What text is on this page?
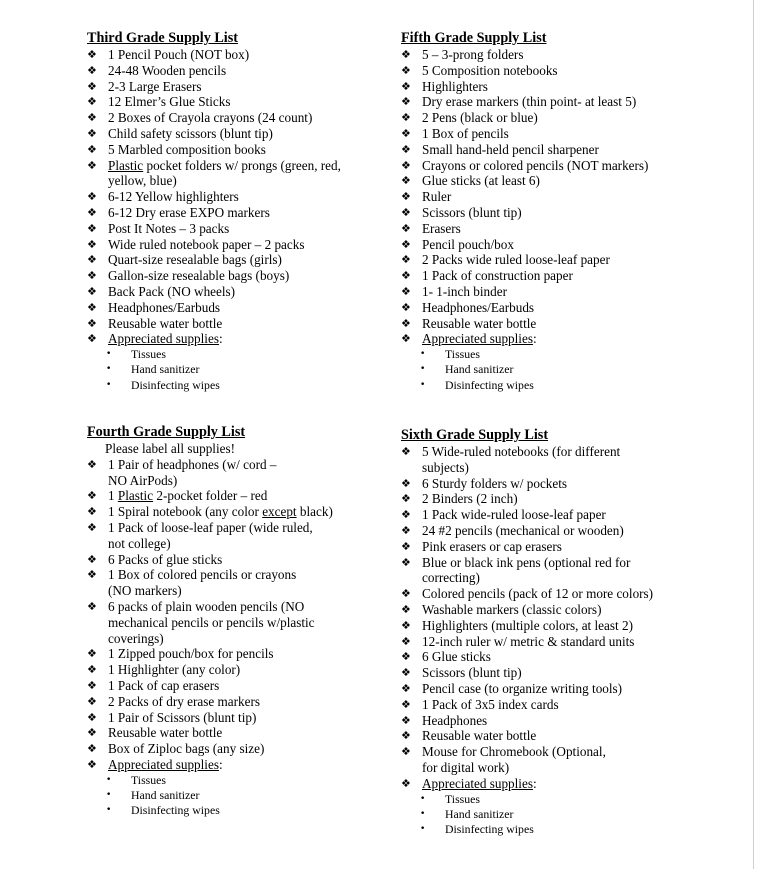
Third Grade Supply List
❖ 1 Pencil Pouch (NOT box)
❖ 24-48 Wooden pencils
❖ 2-3 Large Erasers
❖ 12 Elmer’s Glue Sticks
❖ 2 Boxes of Crayola crayons (24 count)
❖ Child safety scissors (blunt tip)
❖ 5 Marbled composition books
❖ Plastic pocket folders w/ prongs (green, red,
yellow, blue)
❖ 6-12 Yellow highlighters
❖ 6-12 Dry erase EXPO markers
❖ Post It Notes – 3 packs
❖ Wide ruled notebook paper – 2 packs
❖ Quart-size resealable bags (girls)
❖ Gallon-size resealable bags (boys)
❖ Back Pack (NO wheels)
❖ Headphones/Earbuds
❖ Reusable water bottle
❖ Appreciated supplies:
• Tissues
• Hand sanitizer
• Disinfecting wipes
Fifth Grade Supply List
❖ 5 – 3-prong folders
❖ 5 Composition notebooks
❖ Highlighters
❖ Dry erase markers (thin point- at least 5)
❖ 2 Pens (black or blue)
❖ 1 Box of pencils
❖ Small hand-held pencil sharpener
❖ Crayons or colored pencils (NOT markers)
❖ Glue sticks (at least 6)
❖ Ruler
❖ Scissors (blunt tip)
❖ Erasers
❖ Pencil pouch/box
❖ 2 Packs wide ruled loose-leaf paper
❖ 1 Pack of construction paper
❖ 1- 1-inch binder
❖ Headphones/Earbuds
❖ Reusable water bottle
❖ Appreciated supplies:
• Tissues
• Hand sanitizer
• Disinfecting wipes
Fourth Grade Supply List
Please label all supplies!
❖ 1 Pair of headphones (w/ cord –
NO AirPods)
❖ 1 Plastic 2-pocket folder – red
❖ 1 Spiral notebook (any color except black)
❖ 1 Pack of loose-leaf paper (wide ruled,
not college)
❖ 6 Packs of glue sticks
❖ 1 Box of colored pencils or crayons
(NO markers)
❖ 6 packs of plain wooden pencils (NO
mechanical pencils or pencils w/plastic
coverings)
❖ 1 Zipped pouch/box for pencils
❖ 1 Highlighter (any color)
❖ 1 Pack of cap erasers
❖ 2 Packs of dry erase markers
❖ 1 Pair of Scissors (blunt tip)
❖ Reusable water bottle
❖ Box of Ziploc bags (any size)
❖ Appreciated supplies:
• Tissues
• Hand sanitizer
• Disinfecting wipes
Sixth Grade Supply List
❖ 5 Wide-ruled notebooks (for different
subjects)
❖ 6 Sturdy folders w/ pockets
❖ 2 Binders (2 inch)
❖ 1 Pack wide-ruled loose-leaf paper
❖ 24 #2 pencils (mechanical or wooden)
❖ Pink erasers or cap erasers
❖ Blue or black ink pens (optional red for
correcting)
❖ Colored pencils (pack of 12 or more colors)
❖ Washable markers (classic colors)
❖ Highlighters (multiple colors, at least 2)
❖ 12-inch ruler w/ metric & standard units
❖ 6 Glue sticks
❖ Scissors (blunt tip)
❖ Pencil case (to organize writing tools)
❖ 1 Pack of 3x5 index cards
❖ Headphones
❖ Reusable water bottle
❖ Mouse for Chromebook (Optional,
for digital work)
❖ Appreciated supplies:
• Tissues
• Hand sanitizer
• Disinfecting wipes
